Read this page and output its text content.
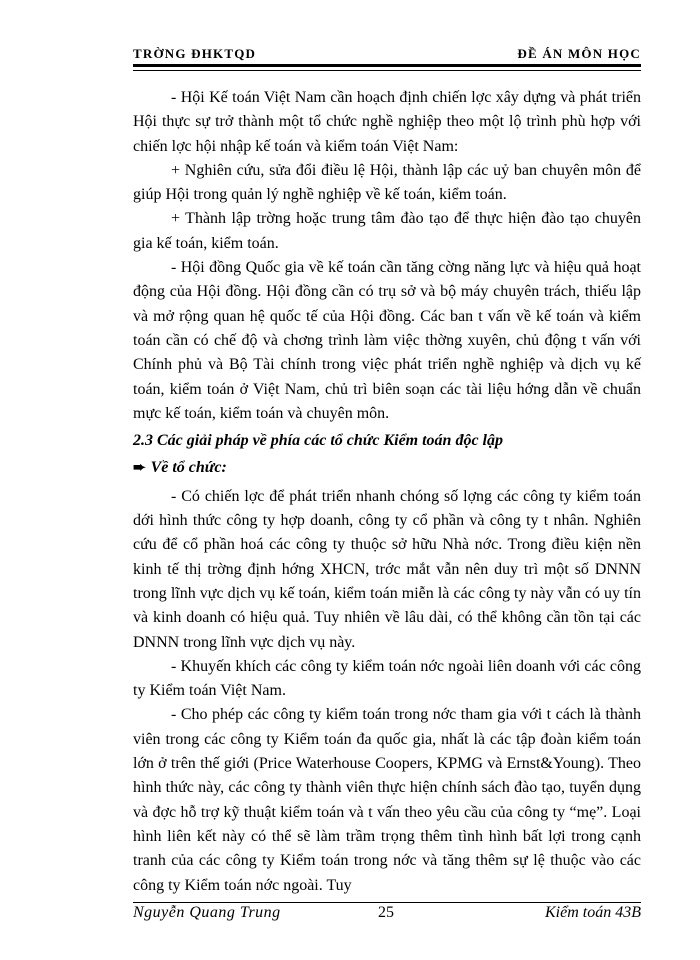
TRỜNG ĐHKTQD	ĐỀ ÁN MÔN HỌC

- Hội Kế toán Việt Nam cần hoạch định chiến lợc xây dựng và phát triển Hội thực sự trở thành một tổ chức nghề nghiệp theo một lộ trình phù hợp với chiến lợc hội nhập kế toán và kiểm toán Việt Nam:

+ Nghiên cứu, sửa đổi điều lệ Hội, thành lập các uỷ ban chuyên môn để giúp Hội trong quản lý nghề nghiệp về kế toán, kiểm toán.

+ Thành lập trờng hoặc trung tâm đào tạo để thực hiện đào tạo chuyên gia kế toán, kiểm toán.

- Hội đồng Quốc gia về kế toán cần tăng cờng năng lực và hiệu quả hoạt động của Hội đồng. Hội đồng cần có trụ sở và bộ máy chuyên trách, thiếu lập và mở rộng quan hệ quốc tế của Hội đồng. Các ban t vấn về kế toán và kiểm toán cần có chế độ và chơng trình làm việc thờng xuyên, chủ động t vấn với Chính phủ và Bộ Tài chính trong việc phát triển nghề nghiệp và dịch vụ kế toán, kiểm toán ở Việt Nam, chủ trì biên soạn các tài liệu hớng dẫn về chuẩn mực kế toán, kiểm toán và chuyên môn.

2.3 Các giải pháp về phía các tổ chức Kiểm toán độc lập

➨ Về tổ chức:

- Có chiến lợc để phát triển nhanh chóng số lợng các công ty kiểm toán dới hình thức công ty hợp doanh, công ty cổ phần và công ty t nhân. Nghiên cứu để cổ phần hoá các công ty thuộc sở hữu Nhà nớc. Trong điều kiện nền kinh tế thị trờng định hớng XHCN, trớc mắt vẫn nên duy trì một số DNNN trong lĩnh vực dịch vụ kế toán, kiểm toán miễn là các công ty này vẫn có uy tín và kinh doanh có hiệu quả. Tuy nhiên về lâu dài, có thể không cần tồn tại các DNNN trong lĩnh vực dịch vụ này.

- Khuyến khích các công ty kiểm toán nớc ngoài liên doanh với các công ty Kiểm toán Việt Nam.

- Cho phép các công ty kiểm toán trong nớc tham gia với t cách là thành viên trong các công ty Kiểm toán đa quốc gia, nhất là các tập đoàn kiểm toán lớn ở trên thế giới (Price Waterhouse Coopers, KPMG và Ernst&Young). Theo hình thức này, các công ty thành viên thực hiện chính sách đào tạo, tuyển dụng và đợc hỗ trợ kỹ thuật kiểm toán và t vấn theo yêu cầu của công ty “mẹ”. Loại hình liên kết này có thể sẽ làm trầm trọng thêm tình hình bất lợi trong cạnh tranh của các công ty Kiểm toán trong nớc và tăng thêm sự lệ thuộc vào các công ty Kiểm toán nớc ngoài. Tuy

Nguyễn Quang Trung	25	Kiểm toán 43B
